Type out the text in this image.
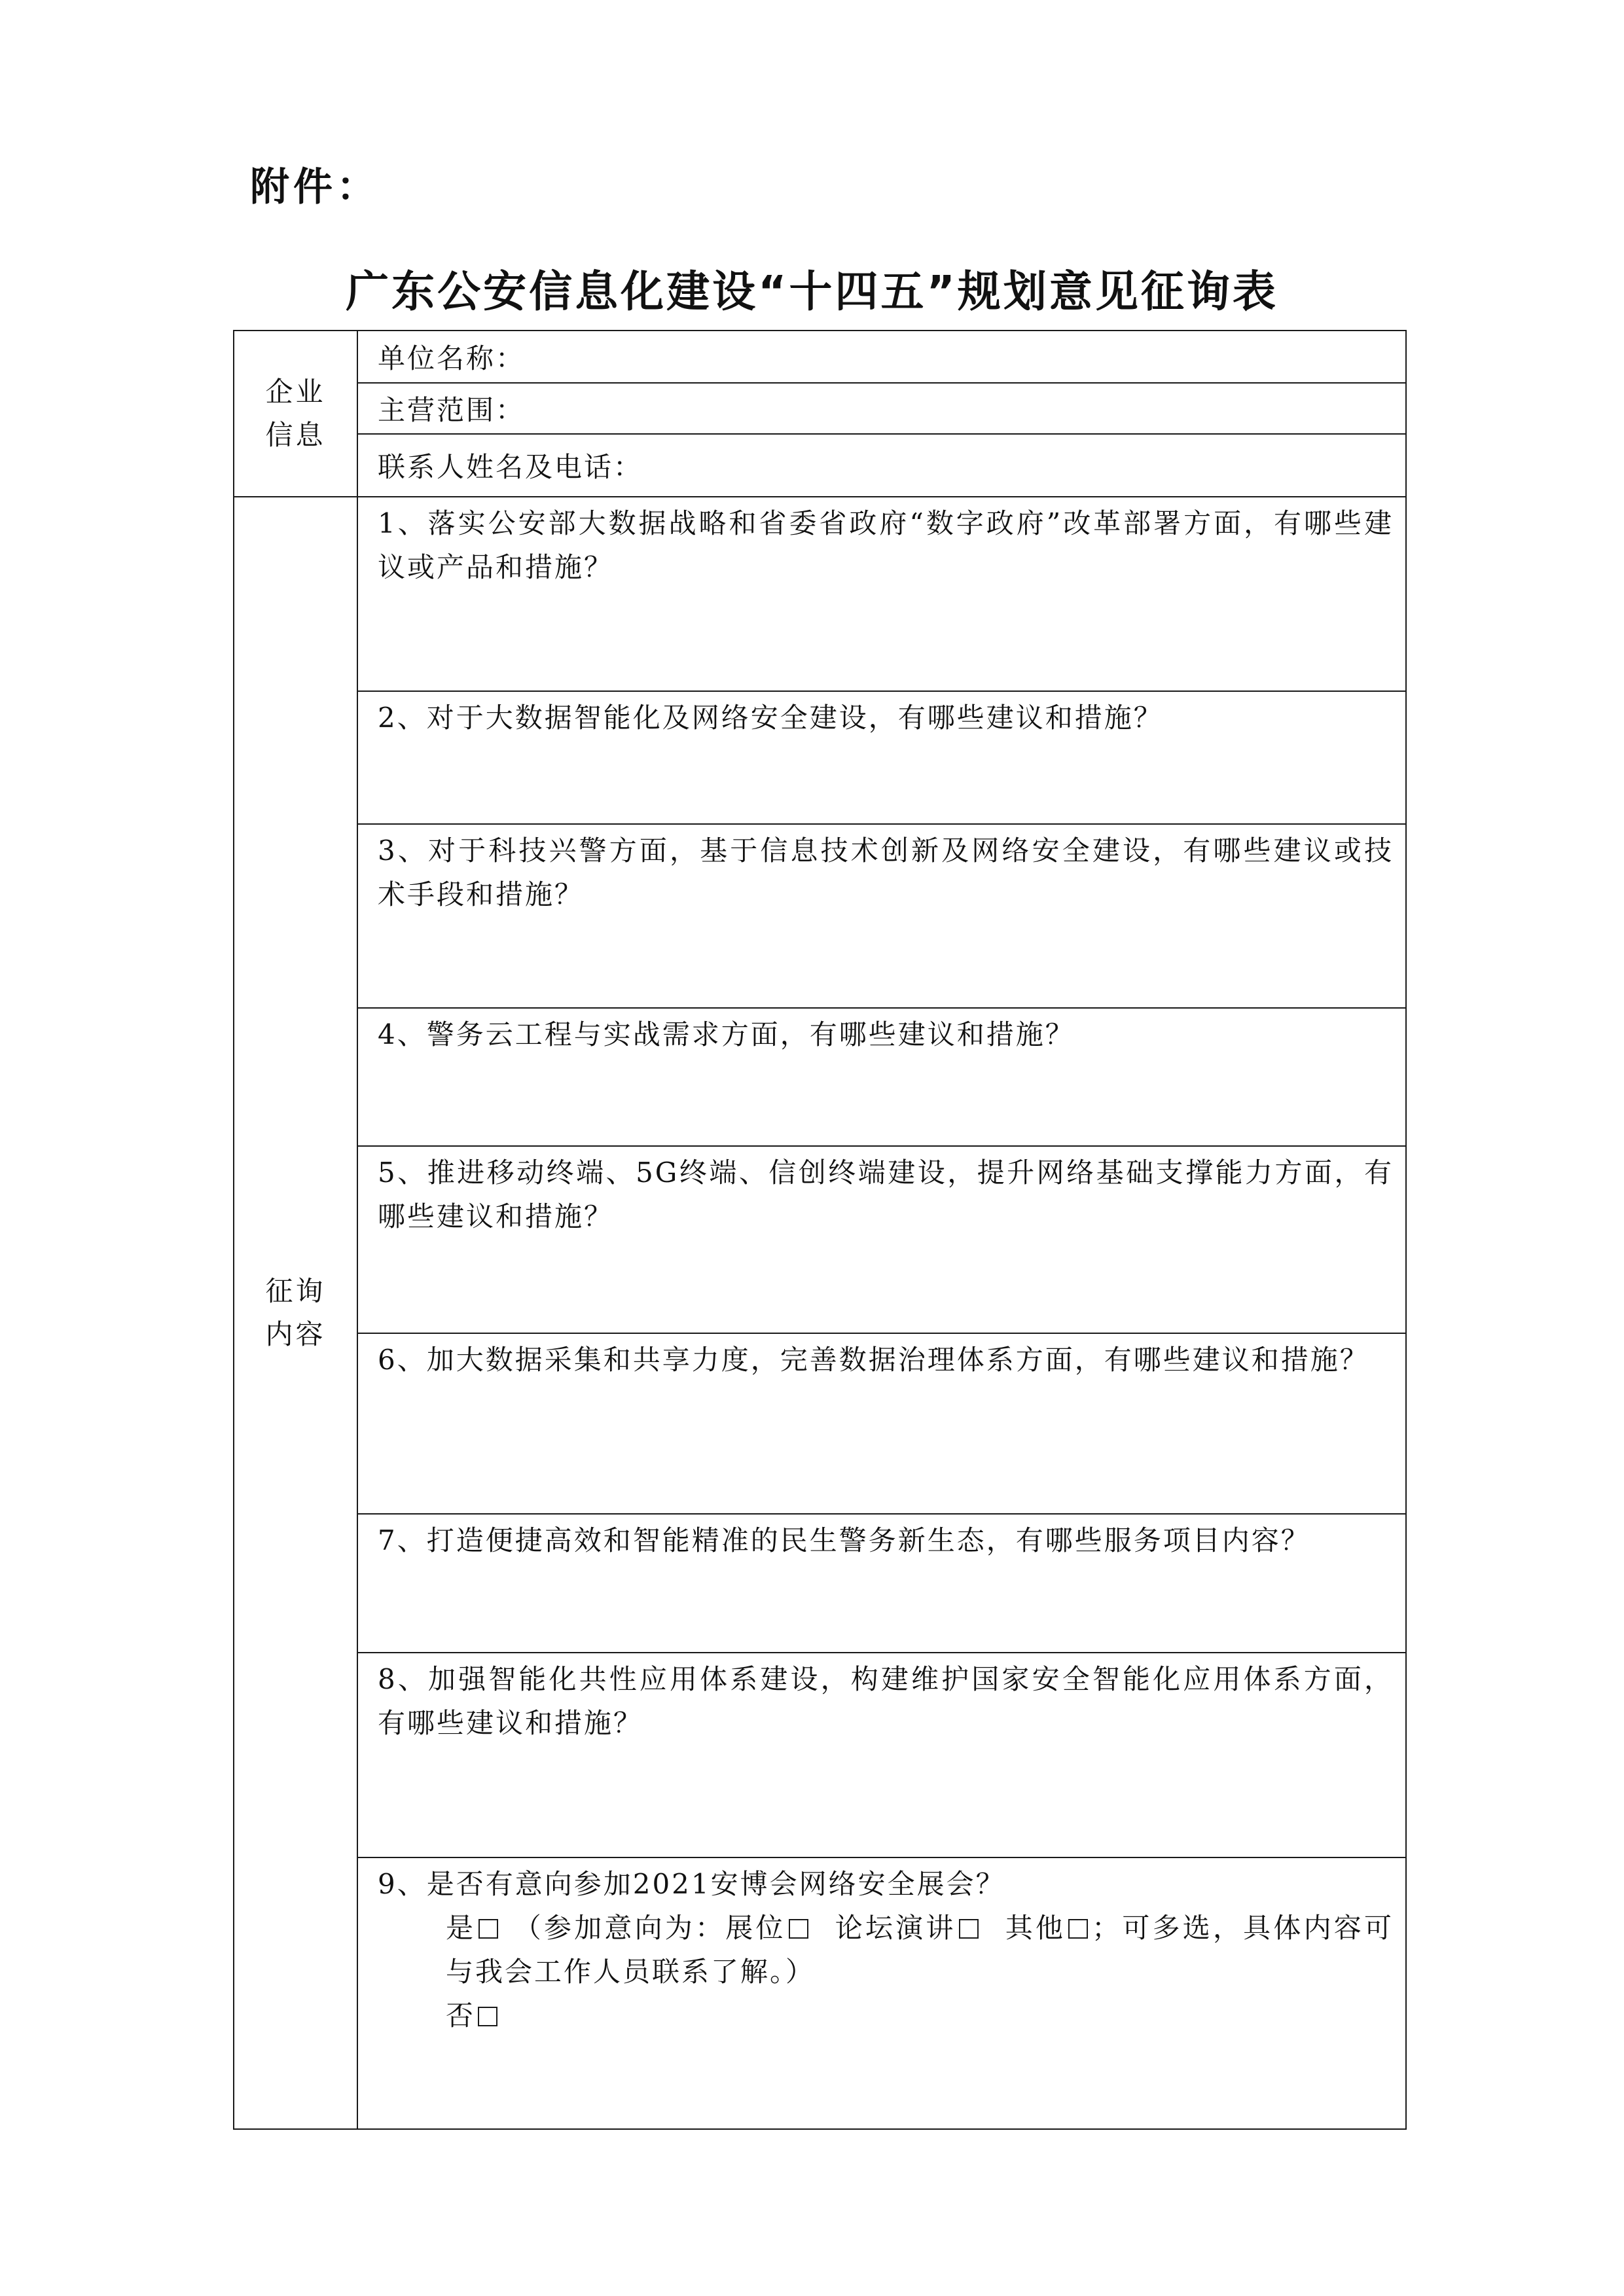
附件：
广东公安信息化建设“十四五”规划意见征询表
企业信息	单位名称：
	主营范围：
	联系人姓名及电话：
征询内容	1、落实公安部大数据战略和省委省政府“数字政府”改革部署方面，有哪些建议或产品和措施？

	2、对于大数据智能化及网络安全建设，有哪些建议和措施？

	3、对于科技兴警方面，基于信息技术创新及网络安全建设，有哪些建议或技术手段和措施？

	4、警务云工程与实战需求方面，有哪些建议和措施？

	5、推进移动终端、5G终端、信创终端建设，提升网络基础支撑能力方面，有哪些建议和措施？

	6、加大数据采集和共享力度，完善数据治理体系方面，有哪些建议和措施？

	7、打造便捷高效和智能精准的民生警务新生态，有哪些服务项目内容？

	8、加强智能化共性应用体系建设，构建维护国家安全智能化应用体系方面，有哪些建议和措施？

	9、是否有意向参加2021安博会网络安全展会？
是 （参加意向为：展位 论坛演讲 其他 ；可多选，具体内容可与我会工作人员联系了解。）
否
